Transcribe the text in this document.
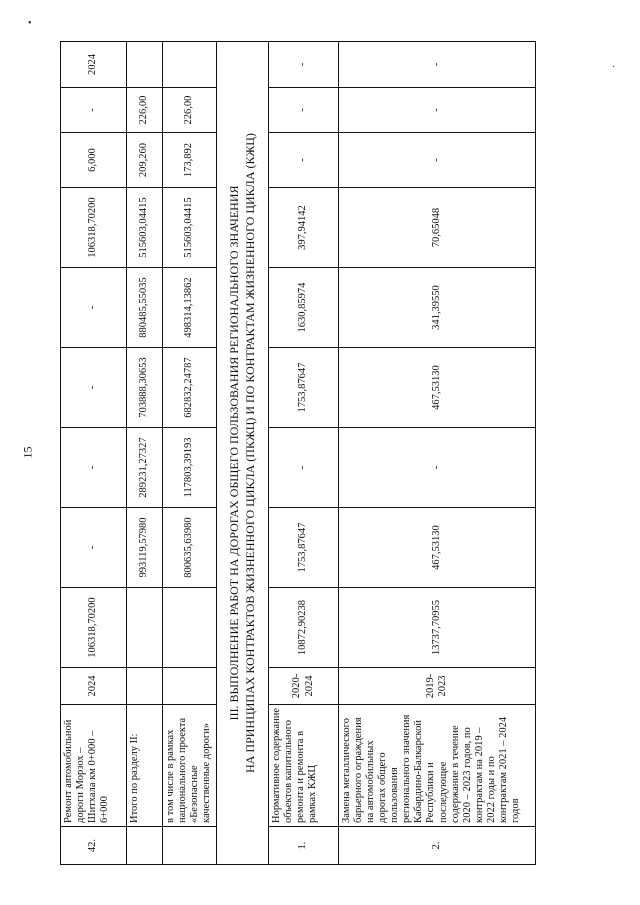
•
·
15
42.	Ремонт автомобильной дороги Морзох – Шитхала км 0+000 – 6+000	2024	106318,70200	-	-	-	-	106318,70200	6,000	-	2024
	Итого по разделу II:			993119,57980	289231,27327	703888,30653	880485,55035	515603,04415	209,260	226,00	
	в том числе в рамках национального проекта «Безопасные качественные дороги»			800635,63980	117803,39193	682832,24787	498314,13862	515603,04415	173,892	226,00	

III. ВЫПОЛНЕНИЕ РАБОТ НА ДОРОГАХ ОБЩЕГО ПОЛЬЗОВАНИЯ РЕГИОНАЛЬНОГО ЗНАЧЕНИЯ НА ПРИНЦИПАХ КОНТРАКТОВ ЖИЗНЕННОГО ЦИКЛА (ПКЖЦ) И ПО КОНТРАКТАМ ЖИЗНЕННОГО ЦИКЛА (КЖЦ)											

1.	Нормативное содержание объектов капитального ремонта и ремонта в рамках КЖЦ	2020-2024	10872,90238	1753,87647	-	1753,87647	1630,85974	397,94142	-	-	-
2.	Замена металлического барьерного ограждения на автомобильных дорогах общего пользования регионального значения Кабардино-Балкарской Республики и последующее содержание в течение 2020 – 2023 годов, по контрактам на 2019 – 2022 годы и по контрактам 2021 – 2024 годов	2019-2023	13737,70955	467,53130	-	467,53130	341,39550	70,65048	-	-	-
